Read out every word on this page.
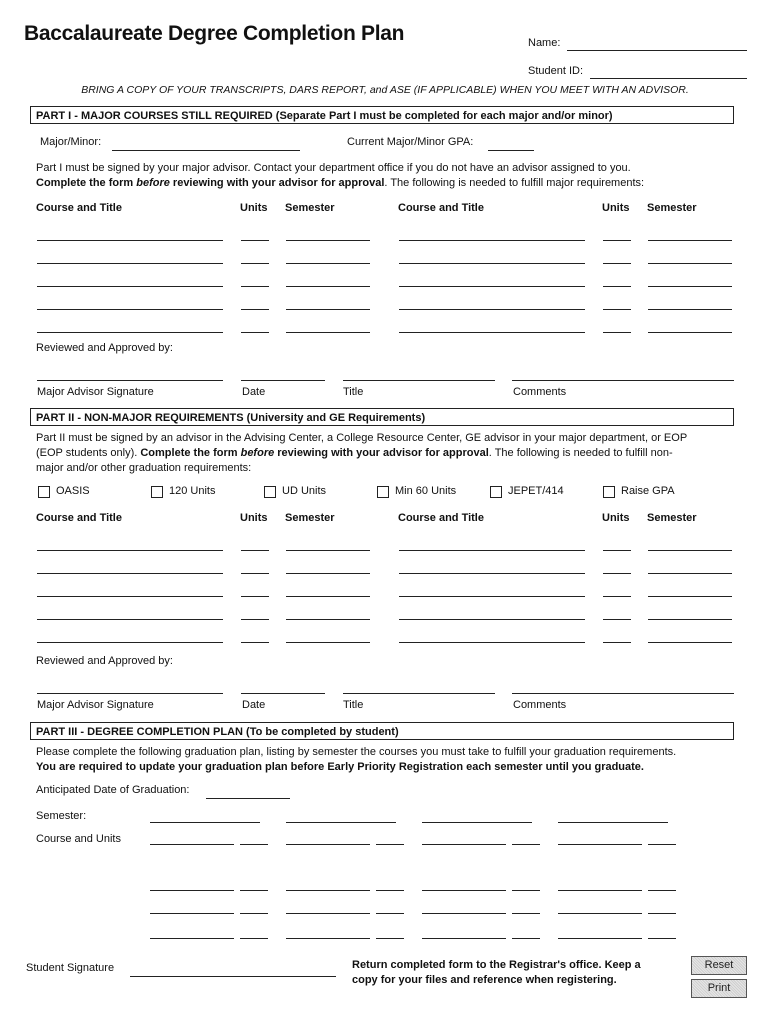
Baccalaureate Degree Completion Plan	Name:
Student ID:
BRING A COPY OF YOUR TRANSCRIPTS, DARS REPORT, and ASE (IF APPLICABLE) WHEN YOU MEET WITH AN ADVISOR.
PART I - MAJOR COURSES STILL REQUIRED (Separate Part I must be completed for each major and/or minor)
Major/Minor:	Current Major/Minor GPA:
Part I must be signed by your major advisor. Contact your department office if you do not have an advisor assigned to you.
Complete the form before reviewing with your advisor for approval. The following is needed to fulfill major requirements:
Course and Title	Units Semester	Course and Title	Units Semester
Reviewed and Approved by:
Major Advisor Signature	Date	Title	Comments
PART II - NON-MAJOR REQUIREMENTS (University and GE Requirements)
Part II must be signed by an advisor in the Advising Center, a College Resource Center, GE advisor in your major department, or EOP
(EOP students only). Complete the form before reviewing with your advisor for approval. The following is needed to fulfill non-
major and/or other graduation requirements:
OASIS	120 Units	UD Units	Min 60 Units	JEPET/414	Raise GPA
Course and Title	Units Semester	Course and Title	Units Semester
Reviewed and Approved by:
Major Advisor Signature	Date	Title	Comments
PART III - DEGREE COMPLETION PLAN (To be completed by student)
Please complete the following graduation plan, listing by semester the courses you must take to fulfill your graduation requirements.
You are required to update your graduation plan before Early Priority Registration each semester until you graduate.
Anticipated Date of Graduation:
Semester:
Course and Units
Student Signature	Return completed form to the Registrar's office. Keep a
copy for your files and reference when registering.
Reset
Print
